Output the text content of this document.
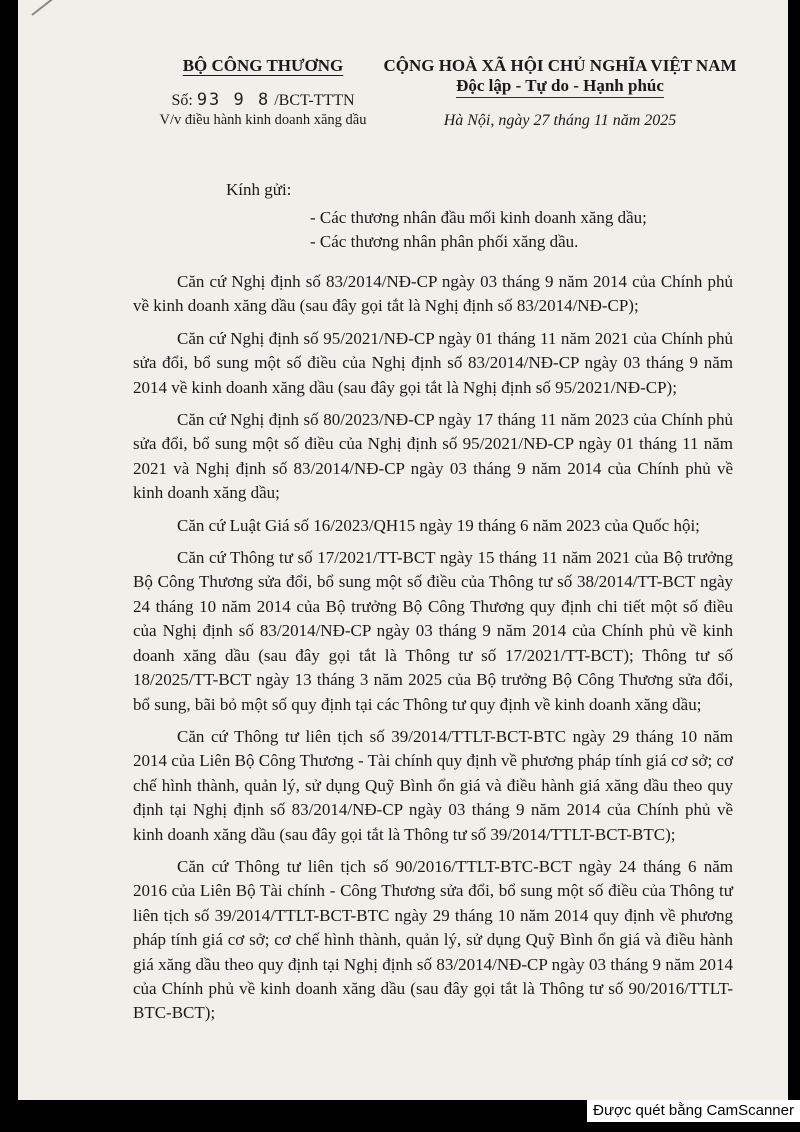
BỘ CÔNG THƯƠNG
Số: 93 9 8 /BCT-TTTN
V/v điều hành kinh doanh xăng dầu
CỘNG HOÀ XÃ HỘI CHỦ NGHĨA VIỆT NAM
Độc lập - Tự do - Hạnh phúc
Hà Nội, ngày 27 tháng 11 năm 2025
Kính gửi:
- Các thương nhân đầu mối kinh doanh xăng dầu;
- Các thương nhân phân phối xăng dầu.

Căn cứ Nghị định số 83/2014/NĐ-CP ngày 03 tháng 9 năm 2014 của Chính phủ về kinh doanh xăng dầu (sau đây gọi tắt là Nghị định số 83/2014/NĐ-CP);

Căn cứ Nghị định số 95/2021/NĐ-CP ngày 01 tháng 11 năm 2021 của Chính phủ sửa đổi, bổ sung một số điều của Nghị định số 83/2014/NĐ-CP ngày 03 tháng 9 năm 2014 về kinh doanh xăng dầu (sau đây gọi tắt là Nghị định số 95/2021/NĐ-CP);

Căn cứ Nghị định số 80/2023/NĐ-CP ngày 17 tháng 11 năm 2023 của Chính phủ sửa đổi, bổ sung một số điều của Nghị định số 95/2021/NĐ-CP ngày 01 tháng 11 năm 2021 và Nghị định số 83/2014/NĐ-CP ngày 03 tháng 9 năm 2014 của Chính phủ về kinh doanh xăng dầu;

Căn cứ Luật Giá số 16/2023/QH15 ngày 19 tháng 6 năm 2023 của Quốc hội;

Căn cứ Thông tư số 17/2021/TT-BCT ngày 15 tháng 11 năm 2021 của Bộ trưởng Bộ Công Thương sửa đổi, bổ sung một số điều của Thông tư số 38/2014/TT-BCT ngày 24 tháng 10 năm 2014 của Bộ trưởng Bộ Công Thương quy định chi tiết một số điều của Nghị định số 83/2014/NĐ-CP ngày 03 tháng 9 năm 2014 của Chính phủ về kinh doanh xăng dầu (sau đây gọi tắt là Thông tư số 17/2021/TT-BCT); Thông tư số 18/2025/TT-BCT ngày 13 tháng 3 năm 2025 của Bộ trưởng Bộ Công Thương sửa đổi, bổ sung, bãi bỏ một số quy định tại các Thông tư quy định về kinh doanh xăng dầu;

Căn cứ Thông tư liên tịch số 39/2014/TTLT-BCT-BTC ngày 29 tháng 10 năm 2014 của Liên Bộ Công Thương - Tài chính quy định về phương pháp tính giá cơ sở; cơ chế hình thành, quản lý, sử dụng Quỹ Bình ổn giá và điều hành giá xăng dầu theo quy định tại Nghị định số 83/2014/NĐ-CP ngày 03 tháng 9 năm 2014 của Chính phủ về kinh doanh xăng dầu (sau đây gọi tắt là Thông tư số 39/2014/TTLT-BCT-BTC);

Căn cứ Thông tư liên tịch số 90/2016/TTLT-BTC-BCT ngày 24 tháng 6 năm 2016 của Liên Bộ Tài chính - Công Thương sửa đổi, bổ sung một số điều của Thông tư liên tịch số 39/2014/TTLT-BCT-BTC ngày 29 tháng 10 năm 2014 quy định về phương pháp tính giá cơ sở; cơ chế hình thành, quản lý, sử dụng Quỹ Bình ổn giá và điều hành giá xăng dầu theo quy định tại Nghị định số 83/2014/NĐ-CP ngày 03 tháng 9 năm 2014 của Chính phủ về kinh doanh xăng dầu (sau đây gọi tắt là Thông tư số 90/2016/TTLT-BTC-BCT);

Được quét bằng CamScanner
